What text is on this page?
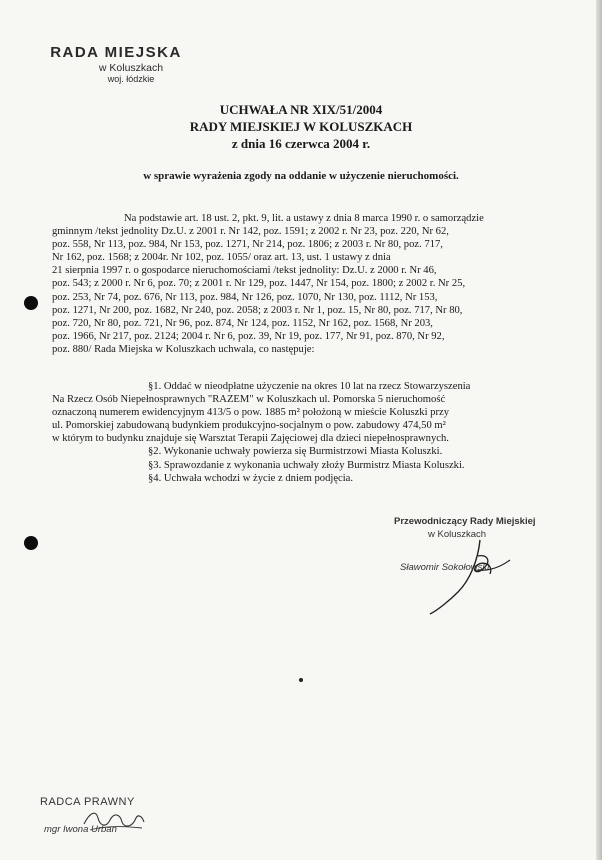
RADA MIEJSKA
w Koluszkach
woj. łódzkie
UCHWAŁA NR XIX/51/2004
RADY MIEJSKIEJ W KOLUSZKACH
z dnia 16 czerwca 2004 r.
w sprawie wyrażenia zgody na oddanie w użyczenie nieruchomości.
Na podstawie art. 18 ust. 2, pkt. 9, lit. a ustawy z dnia 8 marca 1990 r. o samorządzie
gminnym /tekst jednolity Dz.U. z 2001 r. Nr 142, poz. 1591; z 2002 r. Nr 23, poz. 220, Nr 62,
poz. 558, Nr 113, poz. 984, Nr 153, poz. 1271, Nr 214, poz. 1806; z 2003 r. Nr 80, poz. 717,
Nr 162, poz. 1568; z 2004r. Nr 102, poz. 1055/ oraz art. 13, ust. 1 ustawy z dnia
21 sierpnia 1997 r. o gospodarce nieruchomościami /tekst jednolity: Dz.U. z 2000 r. Nr 46,
poz. 543; z 2000 r. Nr 6, poz. 70; z 2001 r. Nr 129, poz. 1447, Nr 154, poz. 1800; z 2002 r. Nr 25,
poz. 253, Nr 74, poz. 676, Nr 113, poz. 984, Nr 126, poz. 1070, Nr 130, poz. 1112, Nr 153,
poz. 1271, Nr 200, poz. 1682, Nr 240, poz. 2058; z 2003 r. Nr 1, poz. 15, Nr 80, poz. 717, Nr 80,
poz. 720, Nr 80, poz. 721, Nr 96, poz. 874, Nr 124, poz. 1152, Nr 162, poz. 1568, Nr 203,
poz. 1966, Nr 217, poz. 2124; 2004 r. Nr 6, poz. 39, Nr 19, poz. 177, Nr 91, poz. 870, Nr 92,
poz. 880/ Rada Miejska w Koluszkach uchwala, co następuje:
§1. Oddać w nieodpłatne użyczenie na okres 10 lat na rzecz Stowarzyszenia
Na Rzecz Osób Niepełnosprawnych "RAZEM" w Koluszkach ul. Pomorska 5 nieruchomość
oznaczoną numerem ewidencyjnym 413/5 o pow. 1885 m² położoną w mieście Koluszki przy
ul. Pomorskiej zabudowaną budynkiem produkcyjno-socjalnym o pow. zabudowy 474,50 m²
w którym to budynku znajduje się Warsztat Terapii Zajęciowej dla dzieci niepełnosprawnych.
§2. Wykonanie uchwały powierza się Burmistrzowi Miasta Koluszki.
§3. Sprawozdanie z wykonania uchwały złoży Burmistrz Miasta Koluszki.
§4. Uchwała wchodzi w życie z dniem podjęcia.
Przewodniczący Rady Miejskiej
w Koluszkach
Sławomir Sokołowski
RADCA PRAWNY
mgr Iwona Urban
